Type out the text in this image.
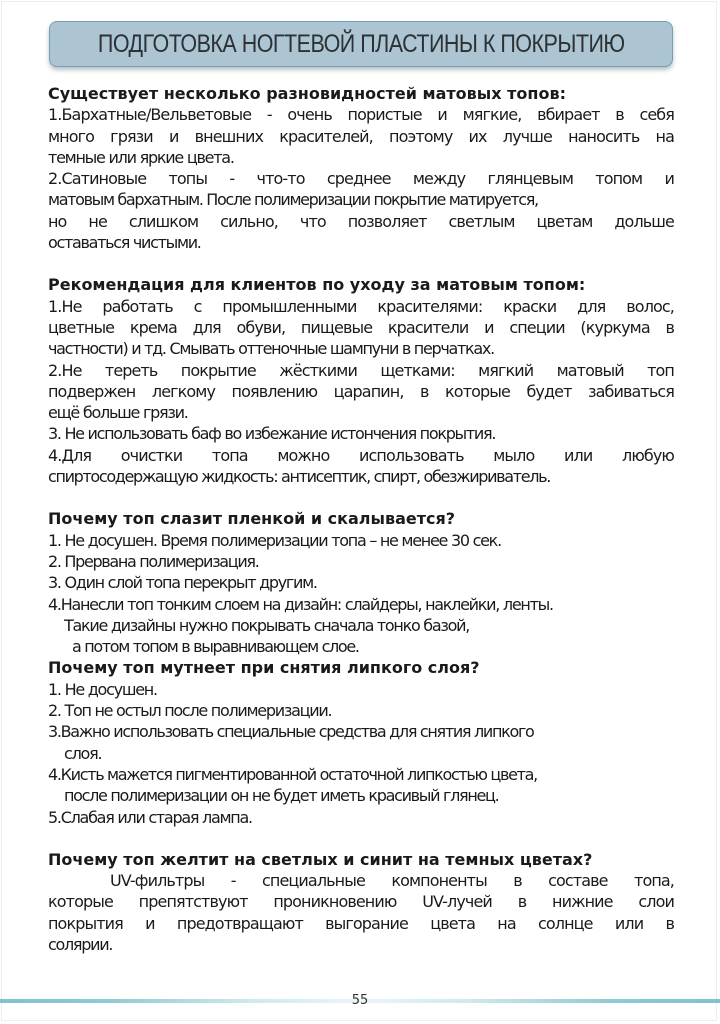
ПОДГОТОВКА НОГТЕВОЙ ПЛАСТИНЫ К ПОКРЫТИЮ
Существует несколько разновидностей матовых топов:
1.Бархатные/Вельветовые - очень пористые и мягкие, вбирает в себя
много грязи и внешних красителей, поэтому их лучше наносить на
темные или яркие цвета.
2.Сатиновые топы - что-то среднее между глянцевым топом и
матовым бархатным. После полимеризации покрытие матируется,
но не слишком сильно, что позволяет светлым цветам дольше
оставаться чистыми.
Рекомендация для клиентов по уходу за матовым топом:
1.Не работать с промышленными красителями: краски для волос,
цветные крема для обуви, пищевые красители и специи (куркума в
частности) и тд. Смывать оттеночные шампуни в перчатках.
2.Не тереть покрытие жёсткими щетками: мягкий матовый топ
подвержен легкому появлению царапин, в которые будет забиваться
ещё больше грязи.
3. Не использовать баф во избежание истончения покрытия.
4.Для очистки топа можно использовать мыло или любую
спиртосодержащую жидкость: антисептик, спирт, обезжириватель.
Почему топ слазит пленкой и скалывается?
1. Не досушен. Время полимеризации топа – не менее 30 сек.
2. Прервана полимеризация.
3. Один слой топа перекрыт другим.
4.Нанесли топ тонким слоем на дизайн: слайдеры, наклейки, ленты.
Такие дизайны нужно покрывать сначала тонко базой,
а потом топом в выравнивающем слое.
Почему топ мутнеет при снятия липкого слоя?
1. Не досушен.
2. Топ не остыл после полимеризации.
3.Важно использовать специальные средства для снятия липкого
слоя.
4.Кисть мажется пигментированной остаточной липкостью цвета,
после полимеризации он не будет иметь красивый глянец.
5.Слабая или старая лампа.
Почему топ желтит на светлых и синит на темных цветах?
UV-фильтры - специальные компоненты в составе топа,
которые препятствуют проникновению UV-лучей в нижние слои
покрытия и предотвращают выгорание цвета на солнце или в
солярии.
55
